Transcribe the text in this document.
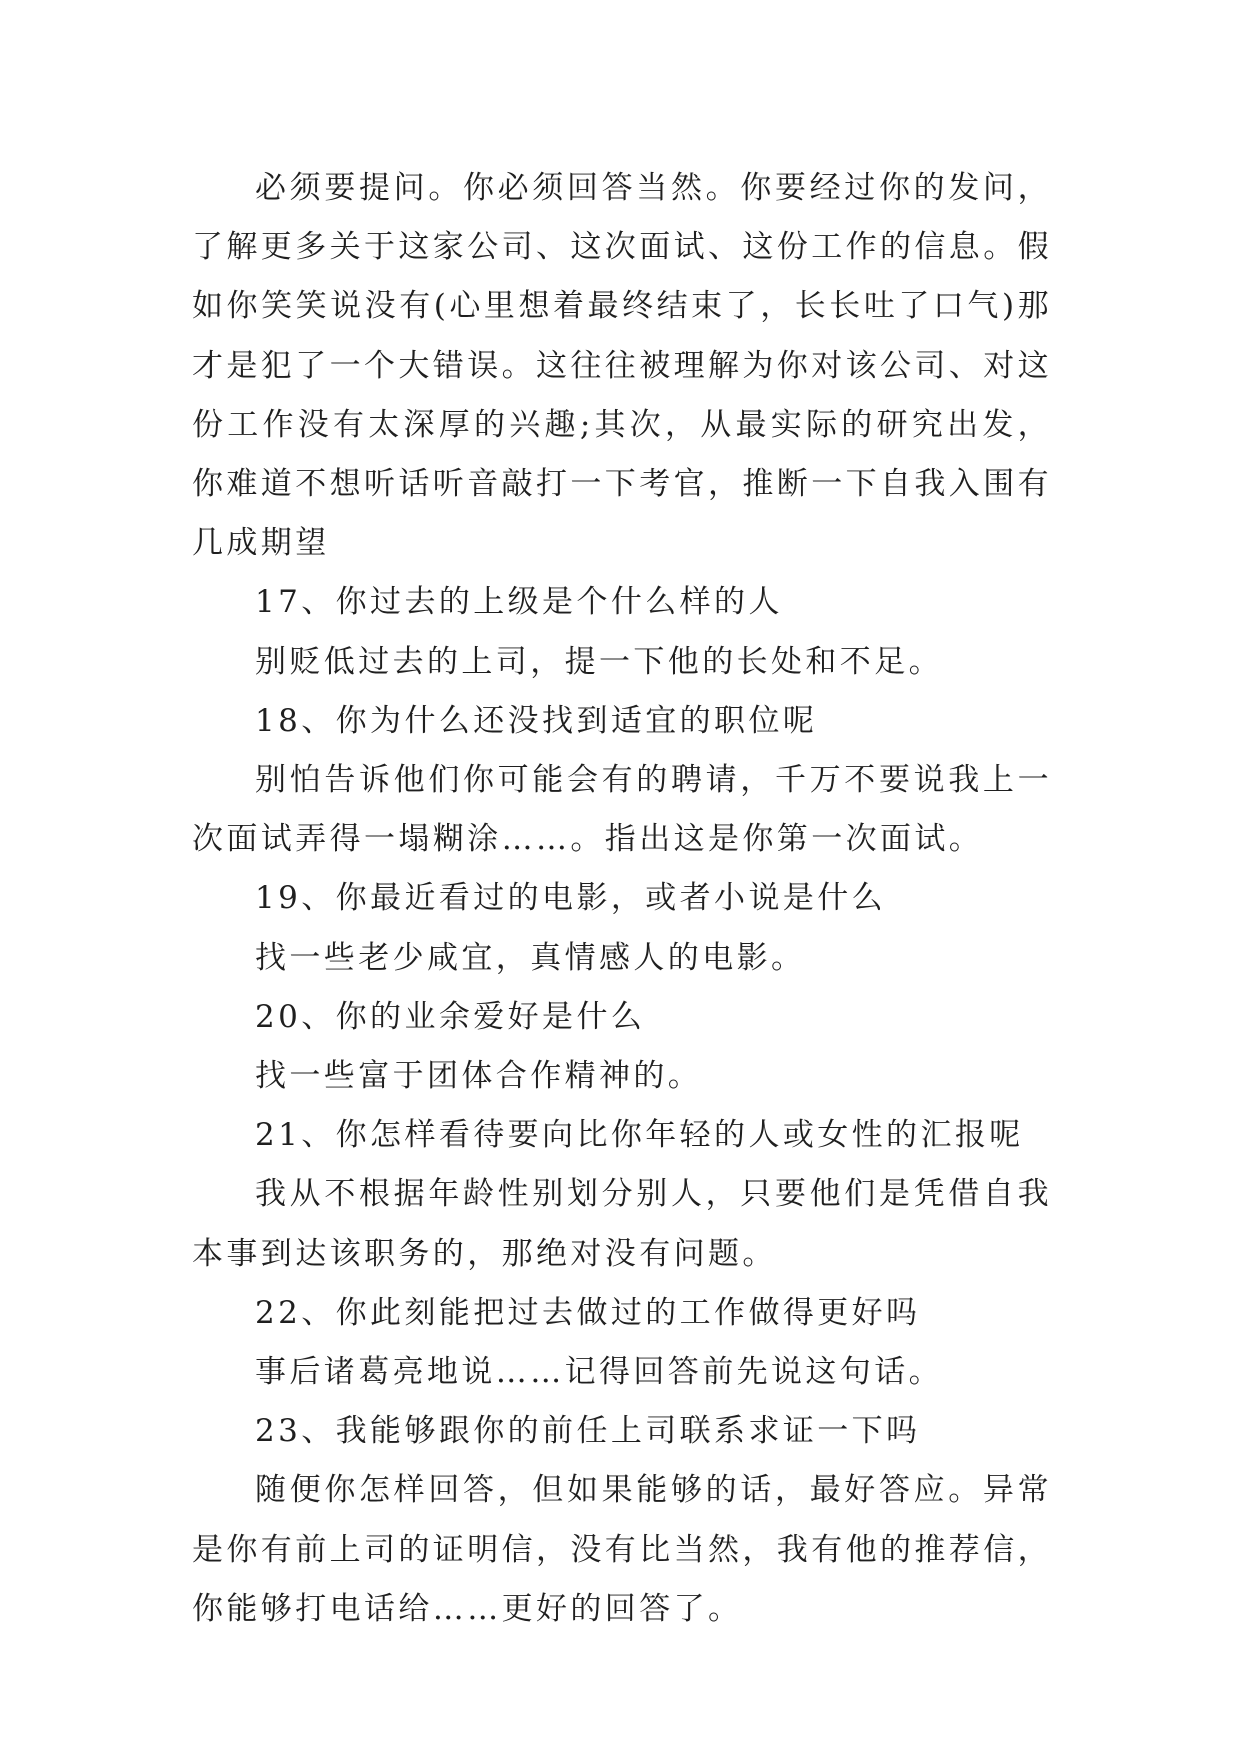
必须要提问。你必须回答当然。你要经过你的发问，了解更多关于这家公司、这次面试、这份工作的信息。假如你笑笑说没有(心里想着最终结束了，长长吐了口气)那才是犯了一个大错误。这往往被理解为你对该公司、对这份工作没有太深厚的兴趣;其次，从最实际的研究出发，你难道不想听话听音敲打一下考官，推断一下自我入围有几成期望

17、你过去的上级是个什么样的人

别贬低过去的上司，提一下他的长处和不足。

18、你为什么还没找到适宜的职位呢

别怕告诉他们你可能会有的聘请，千万不要说我上一次面试弄得一塌糊涂……。指出这是你第一次面试。

19、你最近看过的电影，或者小说是什么

找一些老少咸宜，真情感人的电影。

20、你的业余爱好是什么

找一些富于团体合作精神的。

21、你怎样看待要向比你年轻的人或女性的汇报呢

我从不根据年龄性别划分别人，只要他们是凭借自我本事到达该职务的，那绝对没有问题。

22、你此刻能把过去做过的工作做得更好吗

事后诸葛亮地说……记得回答前先说这句话。

23、我能够跟你的前任上司联系求证一下吗

随便你怎样回答，但如果能够的话，最好答应。异常是你有前上司的证明信，没有比当然，我有他的推荐信，你能够打电话给……更好的回答了。
